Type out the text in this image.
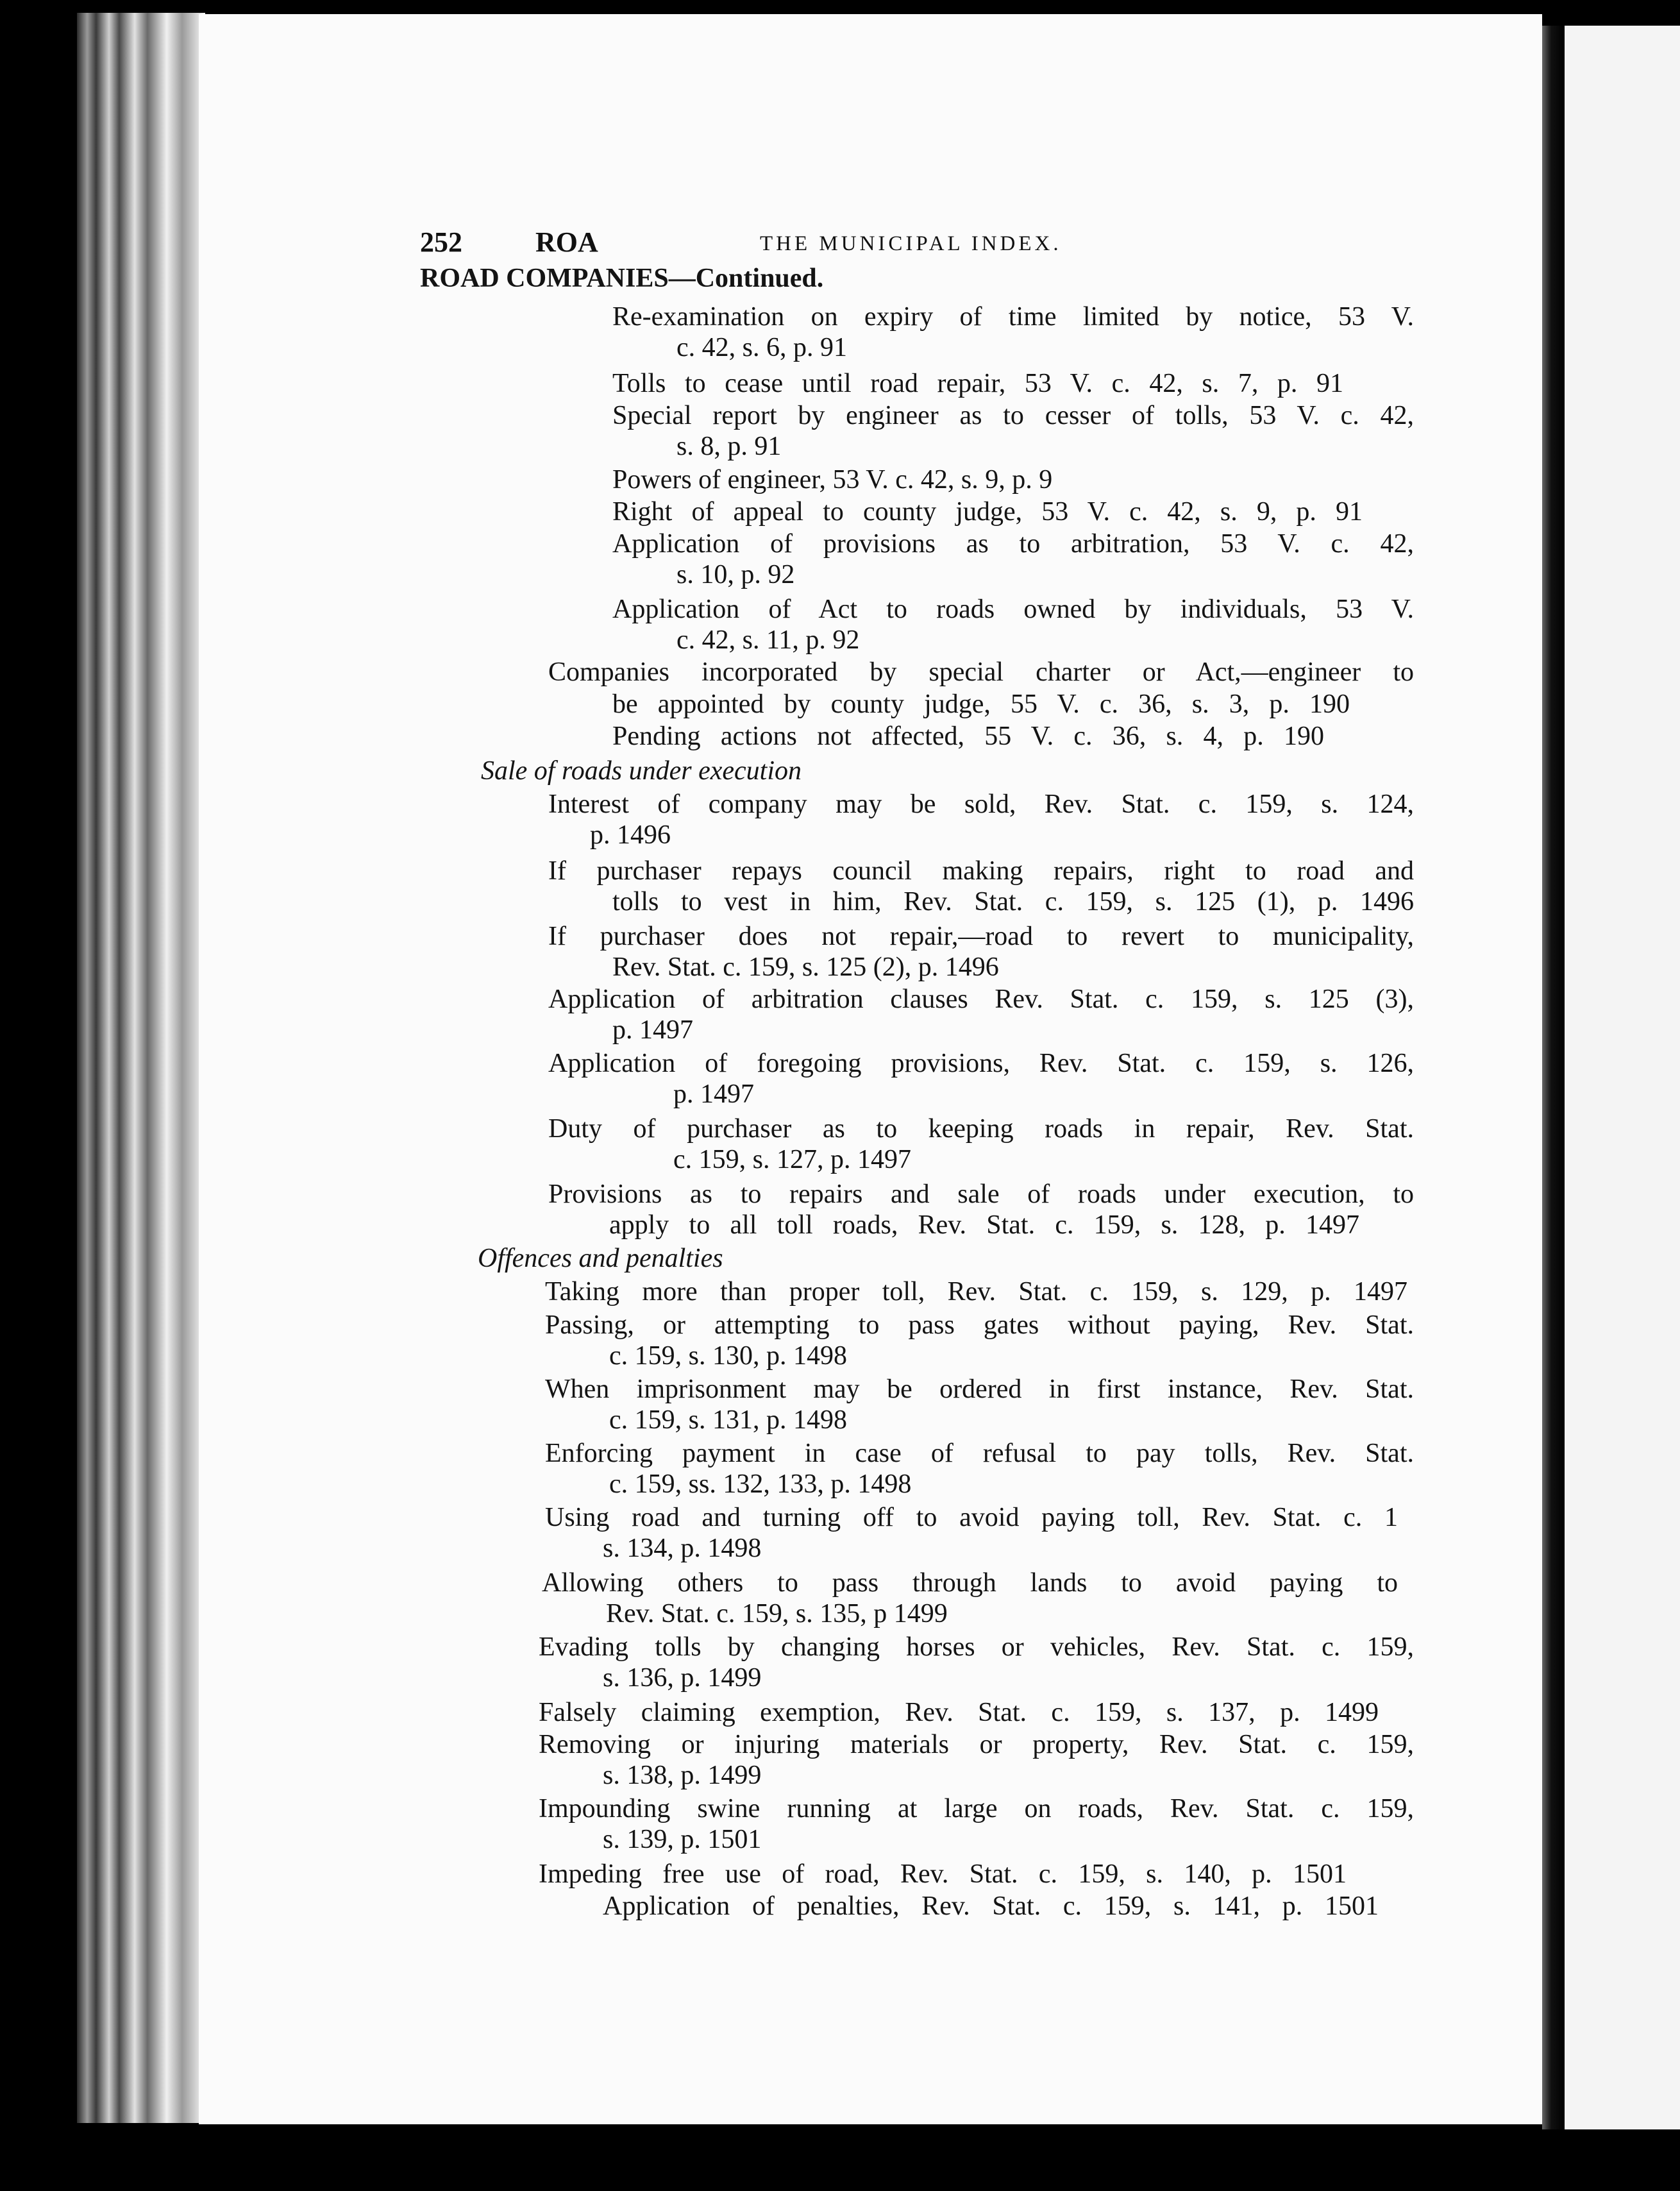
252	ROA	THE MUNICIPAL INDEX.

ROAD COMPANIES—Continued.

Re-examination on expiry of time limited by notice, 53 V.

c. 42, s. 6, p. 91

Tolls to cease until road repair, 53 V. c. 42, s. 7, p. 91

Special report by engineer as to cesser of tolls, 53 V. c. 42,

s. 8, p. 91

Powers of engineer, 53 V. c. 42, s. 9, p. 9

Right of appeal to county judge, 53 V. c. 42, s. 9, p. 91

Application of provisions as to arbitration, 53 V. c. 42,

s. 10, p. 92

Application of Act to roads owned by individuals, 53 V.

c. 42, s. 11, p. 92

Companies incorporated by special charter or Act,—engineer to

be appointed by county judge, 55 V. c. 36, s. 3, p. 190

Pending actions not affected, 55 V. c. 36, s. 4, p. 190

Sale of roads under execution

Interest of company may be sold, Rev. Stat. c. 159, s. 124,

p. 1496

If purchaser repays council making repairs, right to road and

tolls to vest in him, Rev. Stat. c. 159, s. 125 (1), p. 1496

If purchaser does not repair,—road to revert to municipality,

Rev. Stat. c. 159, s. 125 (2), p. 1496

Application of arbitration clauses Rev. Stat. c. 159, s. 125 (3),

p. 1497

Application of foregoing provisions, Rev. Stat. c. 159, s. 126,

p. 1497

Duty of purchaser as to keeping roads in repair, Rev. Stat.

c. 159, s. 127, p. 1497

Provisions as to repairs and sale of roads under execution, to

apply to all toll roads, Rev. Stat. c. 159, s. 128, p. 1497

Offences and penalties

Taking more than proper toll, Rev. Stat. c. 159, s. 129, p. 1497

Passing, or attempting to pass gates without paying, Rev. Stat.

c. 159, s. 130, p. 1498

When imprisonment may be ordered in first instance, Rev. Stat.

c. 159, s. 131, p. 1498

Enforcing payment in case of refusal to pay tolls, Rev. Stat.

c. 159, ss. 132, 133, p. 1498

Using road and turning off to avoid paying toll, Rev. Stat. c. 1

s. 134, p. 1498

Allowing others to pass through lands to avoid paying to

Rev. Stat. c. 159, s. 135, p 1499

Evading tolls by changing horses or vehicles, Rev. Stat. c. 159,

s. 136, p. 1499

Falsely claiming exemption, Rev. Stat. c. 159, s. 137, p. 1499

Removing or injuring materials or property, Rev. Stat. c. 159,

s. 138, p. 1499

Impounding swine running at large on roads, Rev. Stat. c. 159,

s. 139, p. 1501

Impeding free use of road, Rev. Stat. c. 159, s. 140, p. 1501

Application of penalties, Rev. Stat. c. 159, s. 141, p. 1501
